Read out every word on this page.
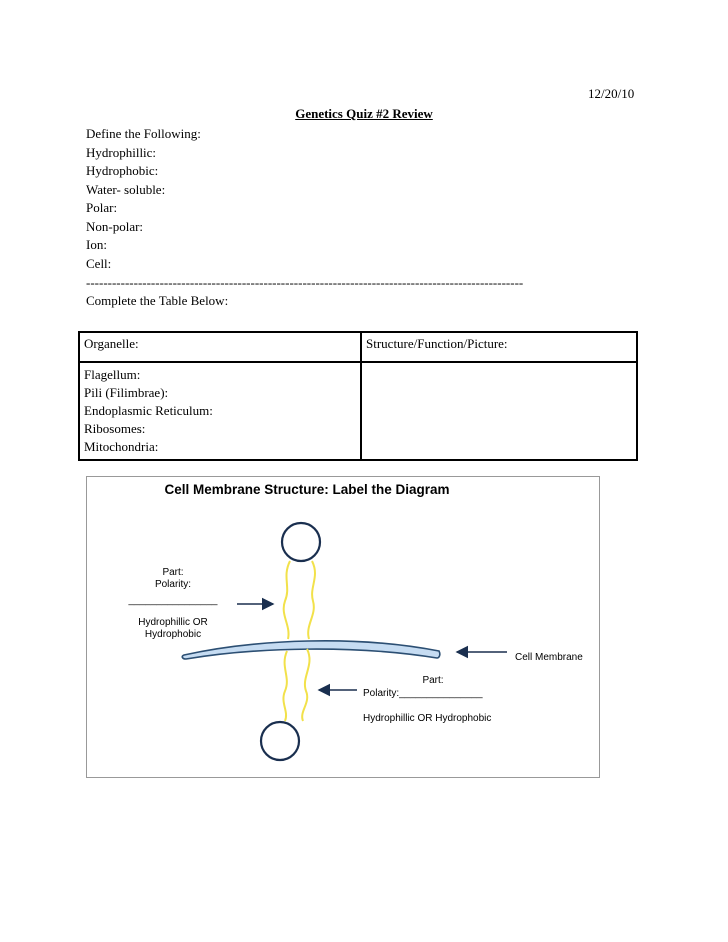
12/20/10
Genetics Quiz #2 Review
Define the Following:
Hydrophillic:
Hydrophobic:
Water- soluble:
Polar:
Non-polar:
Ion:
Cell:
-----------------------------------------------------------------------------------------------------
Complete the Table Below:
Organelle:	Structure/Function/Picture:

Flagellum:
Pili (Filimbrae):
Endoplasmic Reticulum:
Ribosomes:
Mitochondria:	

Cell Membrane Structure: Label the Diagram
Part:
Polarity:
________________
Hydrophillic OR
Hydrophobic
Cell Membrane
Part:
Polarity:_______________
Hydrophillic OR Hydrophobic
